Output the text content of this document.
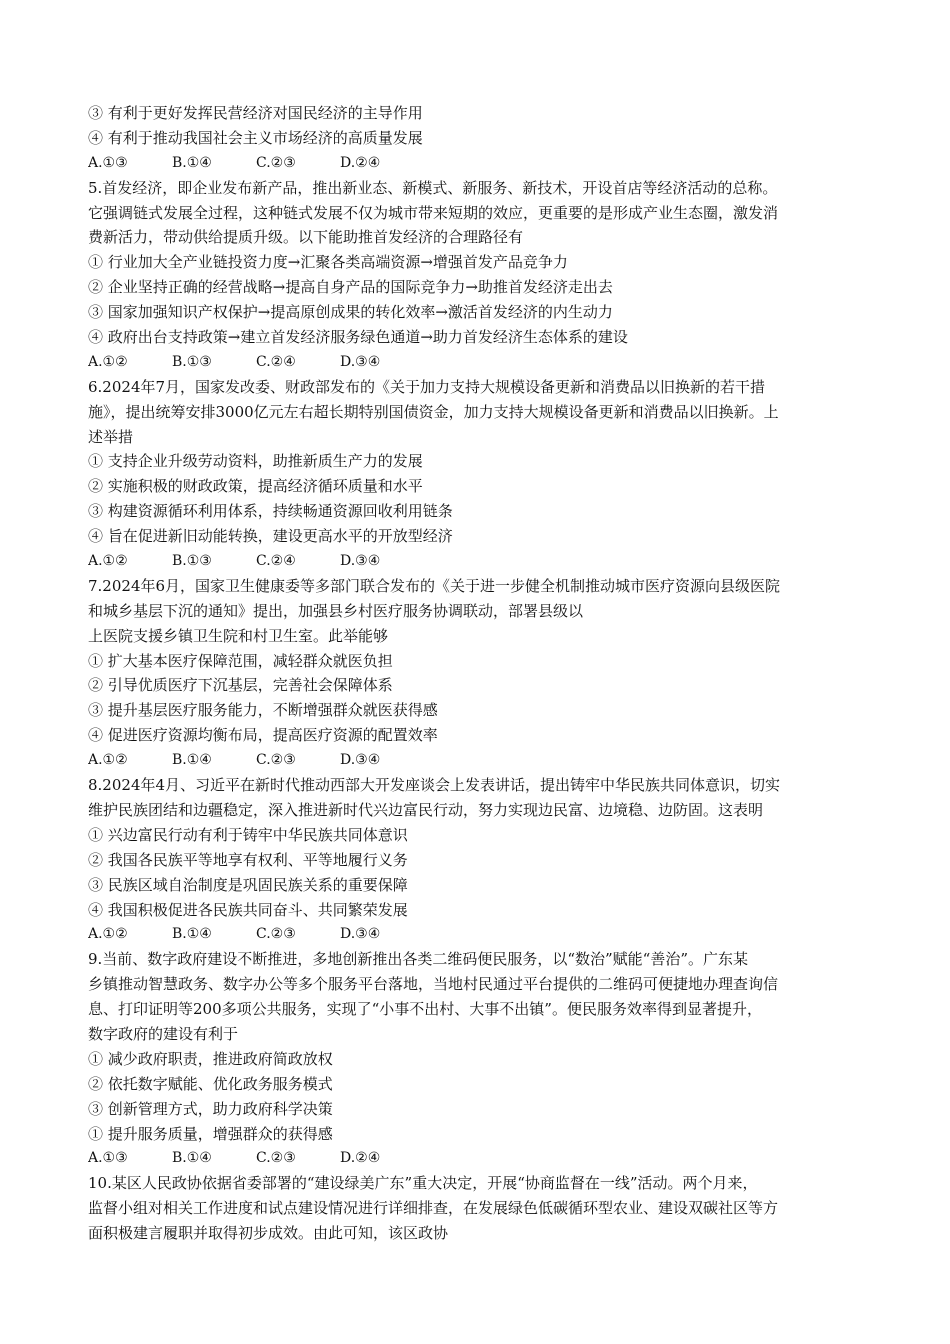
③ 有利于更好发挥民营经济对国民经济的主导作用
④ 有利于推动我国社会主义市场经济的高质量发展
A.①③	B.①④	C.②③	D.②④
5.首发经济，即企业发布新产品，推出新业态、新模式、新服务、新技术，开设首店等经济活动的总称。
它强调链式发展全过程，这种链式发展不仅为城市带来短期的效应，更重要的是形成产业生态圈，激发消
费新活力，带动供给提质升级。以下能助推首发经济的合理路径有
① 行业加大全产业链投资力度→汇聚各类高端资源→增强首发产品竞争力
② 企业坚持正确的经营战略→提高自身产品的国际竞争力→助推首发经济走出去
③ 国家加强知识产权保护→提高原创成果的转化效率→激活首发经济的内生动力
④ 政府出台支持政策→建立首发经济服务绿色通道→助力首发经济生态体系的建设
A.①②	B.①③	C.②④	D.③④
6.2024年7月，国家发改委、财政部发布的《关于加力支持大规模设备更新和消费品以旧换新的若干措
施》，提出统筹安排3000亿元左右超长期特别国债资金，加力支持大规模设备更新和消费品以旧换新。上
述举措
① 支持企业升级劳动资料，助推新质生产力的发展
② 实施积极的财政政策，提高经济循环质量和水平
③ 构建资源循环利用体系，持续畅通资源回收利用链条
④ 旨在促进新旧动能转换，建设更高水平的开放型经济
A.①②	B.①③	C.②④	D.③④
7.2024年6月，国家卫生健康委等多部门联合发布的《关于进一步健全机制推动城市医疗资源向县级医院
和城乡基层下沉的通知》提出，加强县乡村医疗服务协调联动，部署县级以
上医院支援乡镇卫生院和村卫生室。此举能够
① 扩大基本医疗保障范围，减轻群众就医负担
② 引导优质医疗下沉基层，完善社会保障体系
③ 提升基层医疗服务能力，不断增强群众就医获得感
④ 促进医疗资源均衡布局，提高医疗资源的配置效率
A.①②	B.①④	C.②③	D.③④
8.2024年4月、习近平在新时代推动西部大开发座谈会上发表讲话，提出铸牢中华民族共同体意识，切实
维护民族团结和边疆稳定，深入推进新时代兴边富民行动，努力实现边民富、边境稳、边防固。这表明
① 兴边富民行动有利于铸牢中华民族共同体意识
② 我国各民族平等地享有权利、平等地履行义务
③ 民族区域自治制度是巩固民族关系的重要保障
④ 我国积极促进各民族共同奋斗、共同繁荣发展
A.①②	B.①④	C.②③	D.③④
9.当前、数字政府建设不断推进，多地创新推出各类二维码便民服务，以“数治”赋能“善治”。广东某
乡镇推动智慧政务、数字办公等多个服务平台落地，当地村民通过平台提供的二维码可便捷地办理查询信
息、打印证明等200多项公共服务，实现了“小事不出村、大事不出镇”。便民服务效率得到显著提升，
数字政府的建设有利于
① 减少政府职责，推进政府简政放权
② 依托数字赋能、优化政务服务模式
③ 创新管理方式，助力政府科学决策
① 提升服务质量，增强群众的获得感
A.①③	B.①④	C.②③	D.②④
10.某区人民政协依据省委部署的“建设绿美广东”重大决定，开展“协商监督在一线”活动。两个月来，
监督小组对相关工作进度和试点建设情况进行详细排查，在发展绿色低碳循环型农业、建设双碳社区等方
面积极建言履职并取得初步成效。由此可知，该区政协
